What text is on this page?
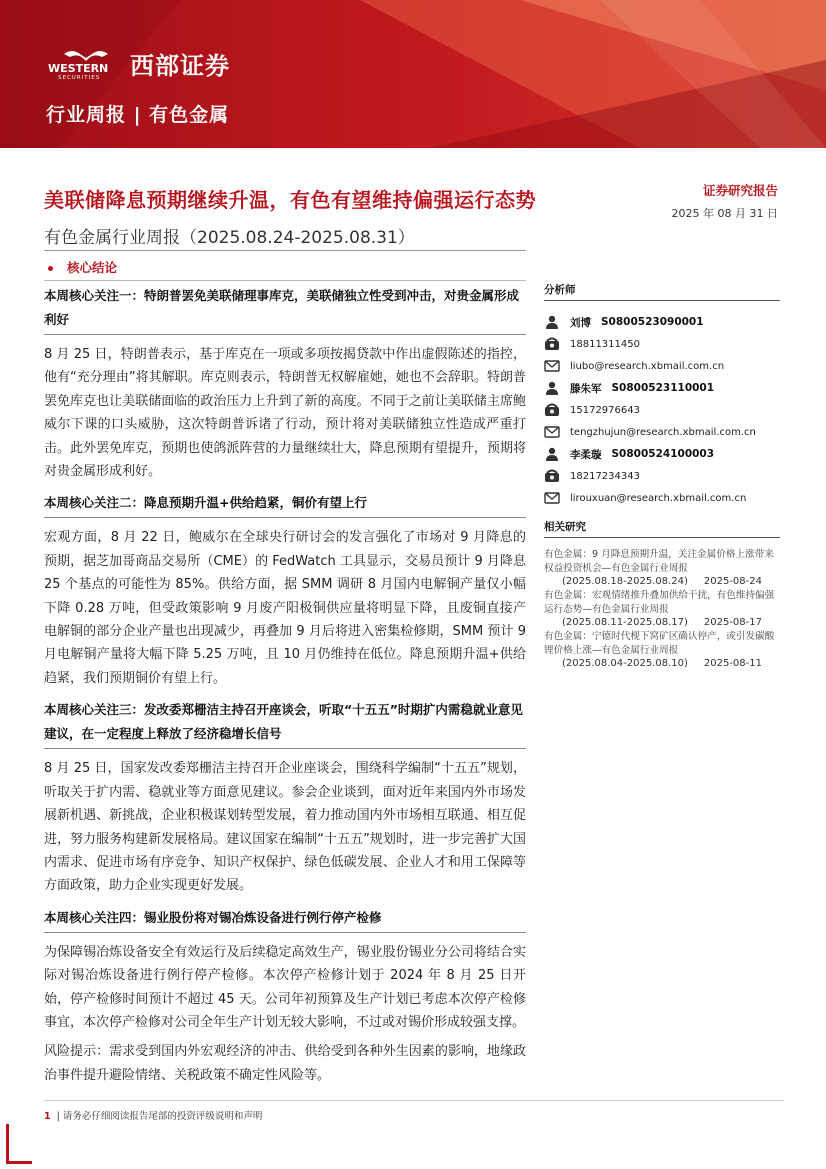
WESTERN
SECURITIES 西部证券
行业周报 | 有色金属
美联储降息预期继续升温，有色有望维持偏强运行态势	证券研究报告
2025 年 08 月 31 日
有色金属行业周报（2025.08.24-2025.08.31）
核心结论
本周核心关注一：特朗普罢免美联储理事库克，美联储独立性受到冲击，对贵金属形成利好

8 月 25 日，特朗普表示，基于库克在一项或多项按揭贷款中作出虚假陈述的指控，他有“充分理由”将其解职。库克则表示，特朗普无权解雇她，她也不会辞职。特朗普罢免库克也让美联储面临的政治压力上升到了新的高度。不同于之前让美联储主席鲍威尔下课的口头威胁，这次特朗普诉诸了行动，预计将对美联储独立性造成严重打击。此外罢免库克，预期也使鸽派阵营的力量继续壮大，降息预期有望提升，预期将对贵金属形成利好。

本周核心关注二：降息预期升温+供给趋紧，铜价有望上行

宏观方面，8 月 22 日，鲍威尔在全球央行研讨会的发言强化了市场对 9 月降息的预期，据芝加哥商品交易所（CME）的 FedWatch 工具显示，交易员预计 9 月降息 25 个基点的可能性为 85%。供给方面，据 SMM 调研 8 月国内电解铜产量仅小幅下降 0.28 万吨，但受政策影响 9 月废产阳极铜供应量将明显下降，且废铜直接产电解铜的部分企业产量也出现减少，再叠加 9 月后将进入密集检修期，SMM 预计 9 月电解铜产量将大幅下降 5.25 万吨，且 10 月仍维持在低位。降息预期升温+供给趋紧，我们预期铜价有望上行。

本周核心关注三：发改委郑栅洁主持召开座谈会，听取“十五五”时期扩内需稳就业意见建议，在一定程度上释放了经济稳增长信号

8 月 25 日，国家发改委郑栅洁主持召开企业座谈会，围绕科学编制“十五五”规划，听取关于扩内需、稳就业等方面意见建议。参会企业谈到，面对近年来国内外市场发展新机遇、新挑战，企业积极谋划转型发展，着力推动国内外市场相互联通、相互促进，努力服务构建新发展格局。建议国家在编制“十五五”规划时，进一步完善扩大国内需求、促进市场有序竞争、知识产权保护、绿色低碳发展、企业人才和用工保障等方面政策，助力企业实现更好发展。

本周核心关注四：锡业股份将对锡冶炼设备进行例行停产检修

为保障锡冶炼设备安全有效运行及后续稳定高效生产，锡业股份锡业分公司将结合实际对锡冶炼设备进行例行停产检修。本次停产检修计划于 2024 年 8 月 25 日开始，停产检修时间预计不超过 45 天。公司年初预算及生产计划已考虑本次停产检修事宜，本次停产检修对公司全年生产计划无较大影响，不过或对锡价形成较强支撑。

风险提示：需求受到国内外宏观经济的冲击、供给受到各种外生因素的影响，地缘政治事件提升避险情绪、关税政策不确定性风险等。

分析师
刘博 S0800523090001
18811311450
liubo@research.xbmail.com.cn
滕朱军 S0800523110001
15172976643
tengzhujun@research.xbmail.com.cn
李柔璇 S0800524100003
18217234343
lirouxuan@research.xbmail.com.cn
相关研究
有色金属：9 月降息预期升温，关注金属价格上涨带来权益投资机会—有色金属行业周报
(2025.08.18-2025.08.24) 2025-08-24
有色金属：宏观情绪推升叠加供给干扰，有色维持偏强运行态势—有色金属行业周报
(2025.08.11-2025.08.17) 2025-08-17
有色金属：宁德时代枧下窝矿区确认停产，或引发碳酸锂价格上涨—有色金属行业周报
(2025.08.04-2025.08.10) 2025-08-11
1 | 请务必仔细阅读报告尾部的投资评级说明和声明
